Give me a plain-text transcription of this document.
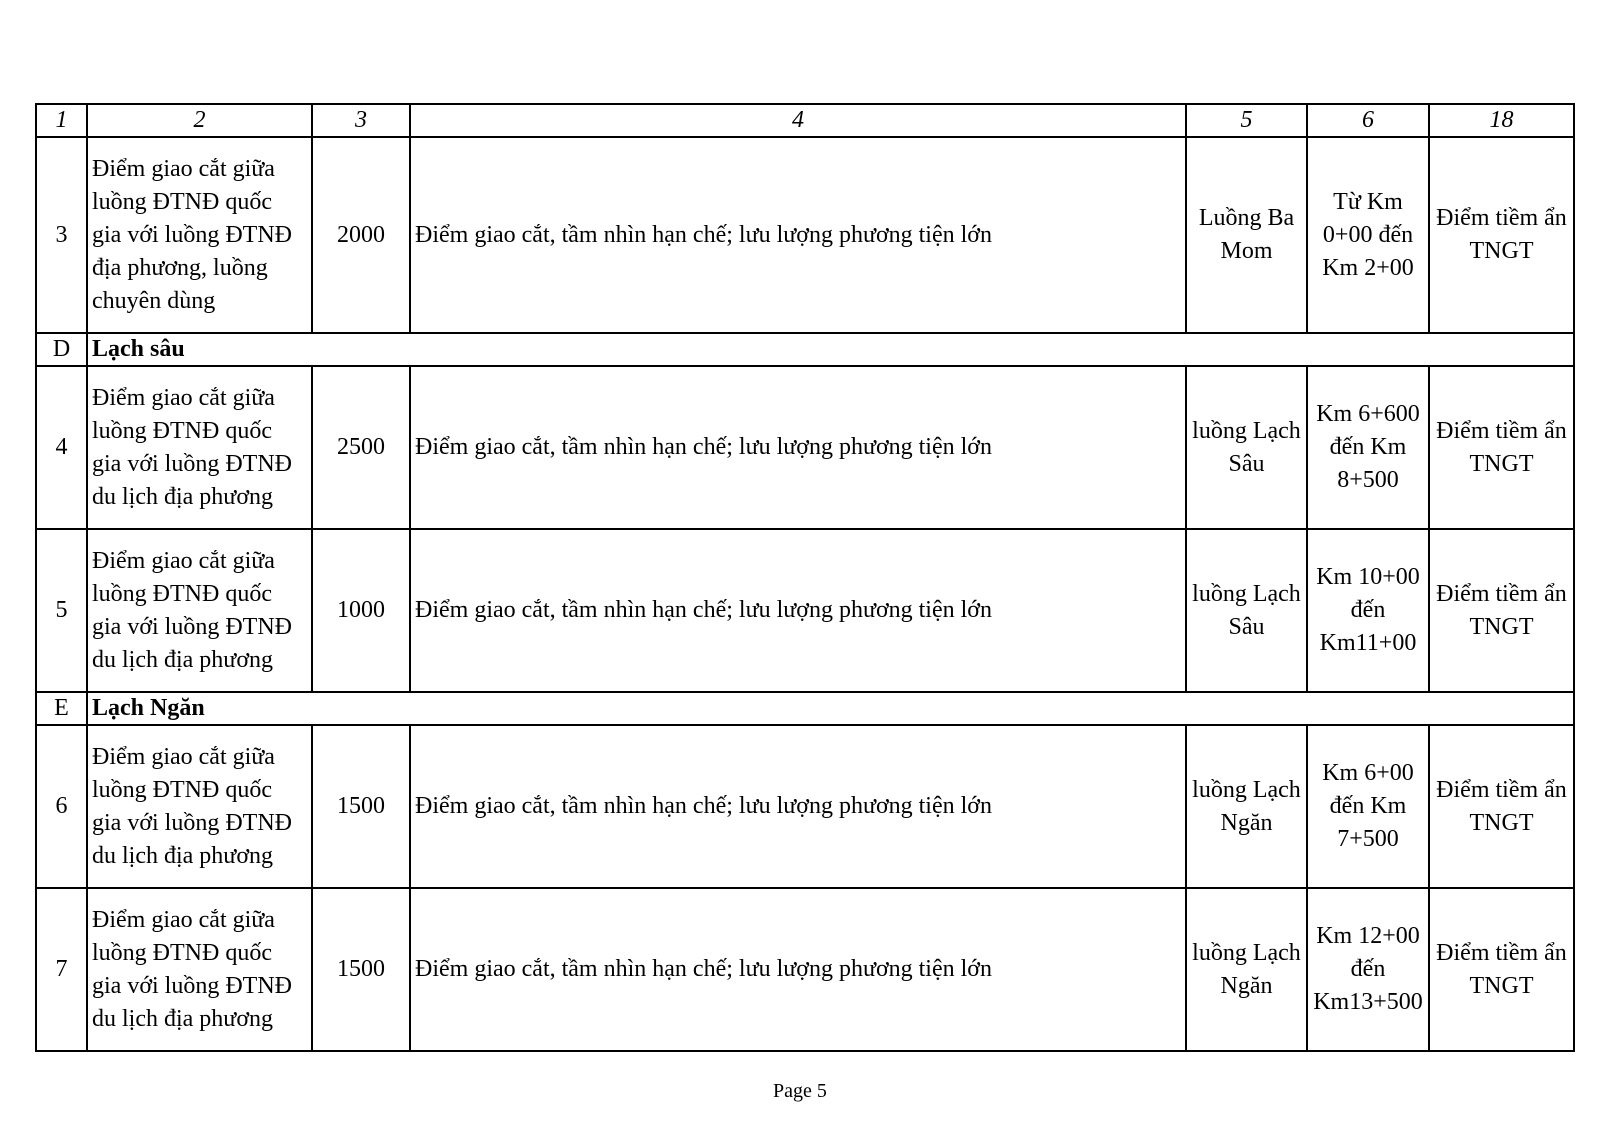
1	2	3	4	5	6	18
3	Điểm giao cắt giữa luồng ĐTNĐ quốc gia với luồng ĐTNĐ địa phương, luồng chuyên dùng	2000	Điểm giao cắt, tầm nhìn hạn chế; lưu lượng phương tiện lớn	Luồng Ba Mom	Từ Km 0+00 đến Km 2+00	Điểm tiềm ẩn TNGT
D	Lạch sâu					
4	Điểm giao cắt giữa luồng ĐTNĐ quốc gia với luồng ĐTNĐ du lịch địa phương	2500	Điểm giao cắt, tầm nhìn hạn chế; lưu lượng phương tiện lớn	luồng Lạch Sâu	Km 6+600 đến Km 8+500	Điểm tiềm ẩn TNGT
5	Điểm giao cắt giữa luồng ĐTNĐ quốc gia với luồng ĐTNĐ du lịch địa phương	1000	Điểm giao cắt, tầm nhìn hạn chế; lưu lượng phương tiện lớn	luồng Lạch Sâu	Km 10+00 đến Km11+00	Điểm tiềm ẩn TNGT
E	Lạch Ngăn					
6	Điểm giao cắt giữa luồng ĐTNĐ quốc gia với luồng ĐTNĐ du lịch địa phương	1500	Điểm giao cắt, tầm nhìn hạn chế; lưu lượng phương tiện lớn	luồng Lạch Ngăn	Km 6+00 đến Km 7+500	Điểm tiềm ẩn TNGT
7	Điểm giao cắt giữa luồng ĐTNĐ quốc gia với luồng ĐTNĐ du lịch địa phương	1500	Điểm giao cắt, tầm nhìn hạn chế; lưu lượng phương tiện lớn	luồng Lạch Ngăn	Km 12+00 đến Km13+500	Điểm tiềm ẩn TNGT
Page 5
